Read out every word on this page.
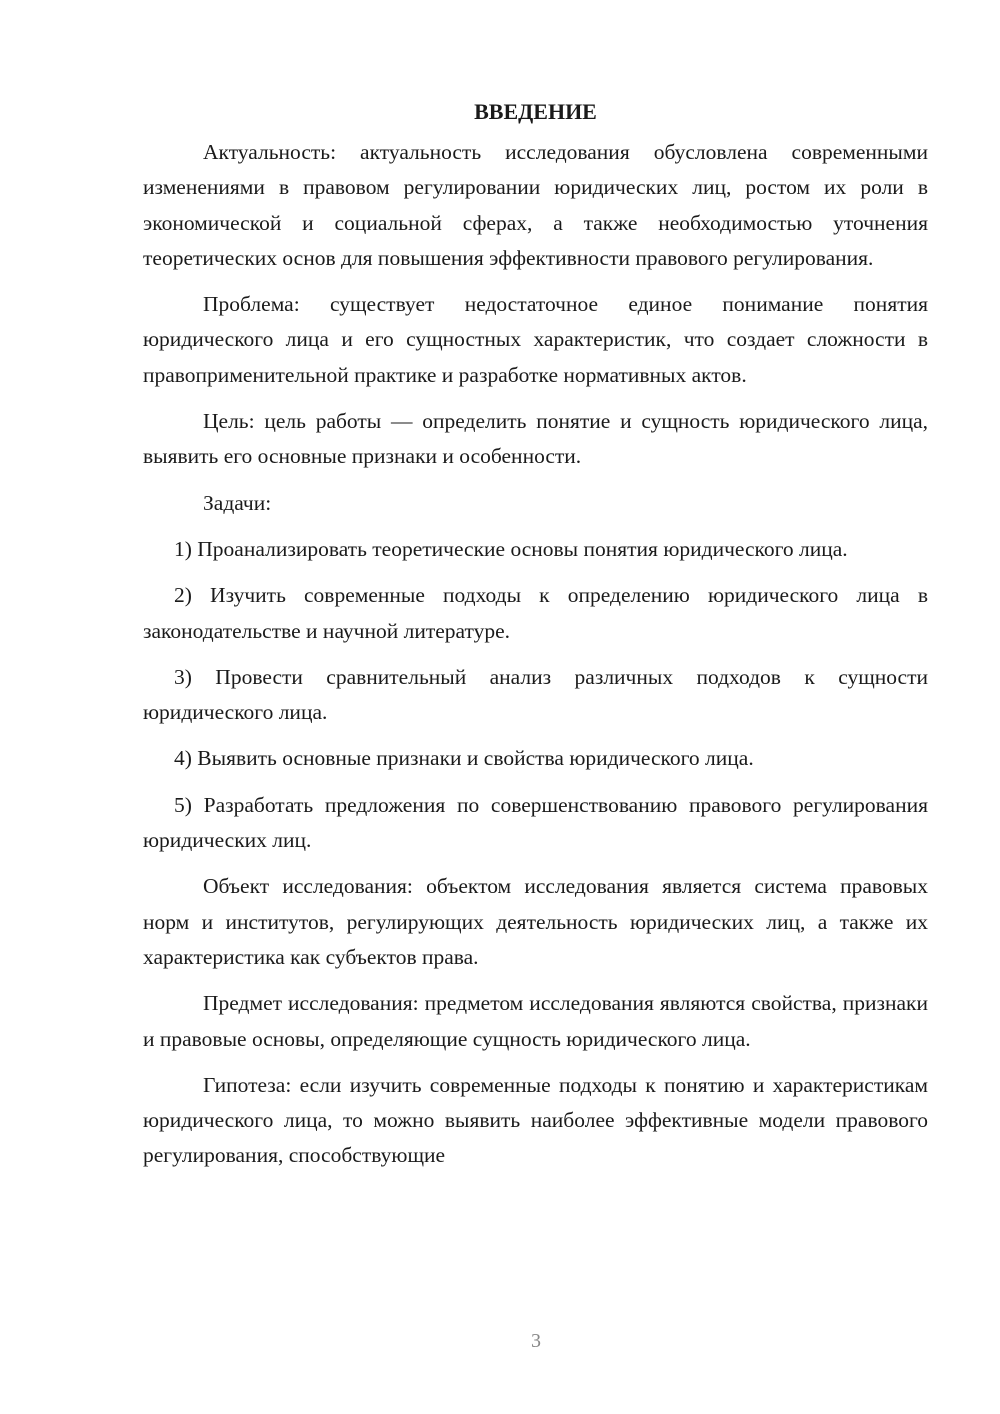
ВВЕДЕНИЕ

Актуальность: актуальность исследования обусловлена современными изменениями в правовом регулировании юридических лиц, ростом их роли в экономической и социальной сферах, а также необходимостью уточнения теоретических основ для повышения эффективности правового регулирования.

Проблема: существует недостаточное единое понимание понятия юридического лица и его сущностных характеристик, что создает сложности в правоприменительной практике и разработке нормативных актов.

Цель: цель работы — определить понятие и сущность юридического лица, выявить его основные признаки и особенности.

Задачи:

1) Проанализировать теоретические основы понятия юридического лица.

2) Изучить современные подходы к определению юридического лица в законодательстве и научной литературе.

3) Провести сравнительный анализ различных подходов к сущности юридического лица.

4) Выявить основные признаки и свойства юридического лица.

5) Разработать предложения по совершенствованию правового регулирования юридических лиц.

Объект исследования: объектом исследования является система правовых норм и институтов, регулирующих деятельность юридических лиц, а также их характеристика как субъектов права.

Предмет исследования: предметом исследования являются свойства, признаки и правовые основы, определяющие сущность юридического лица.

Гипотеза: если изучить современные подходы к понятию и характеристикам юридического лица, то можно выявить наиболее эффективные модели правового регулирования, способствующие

3
